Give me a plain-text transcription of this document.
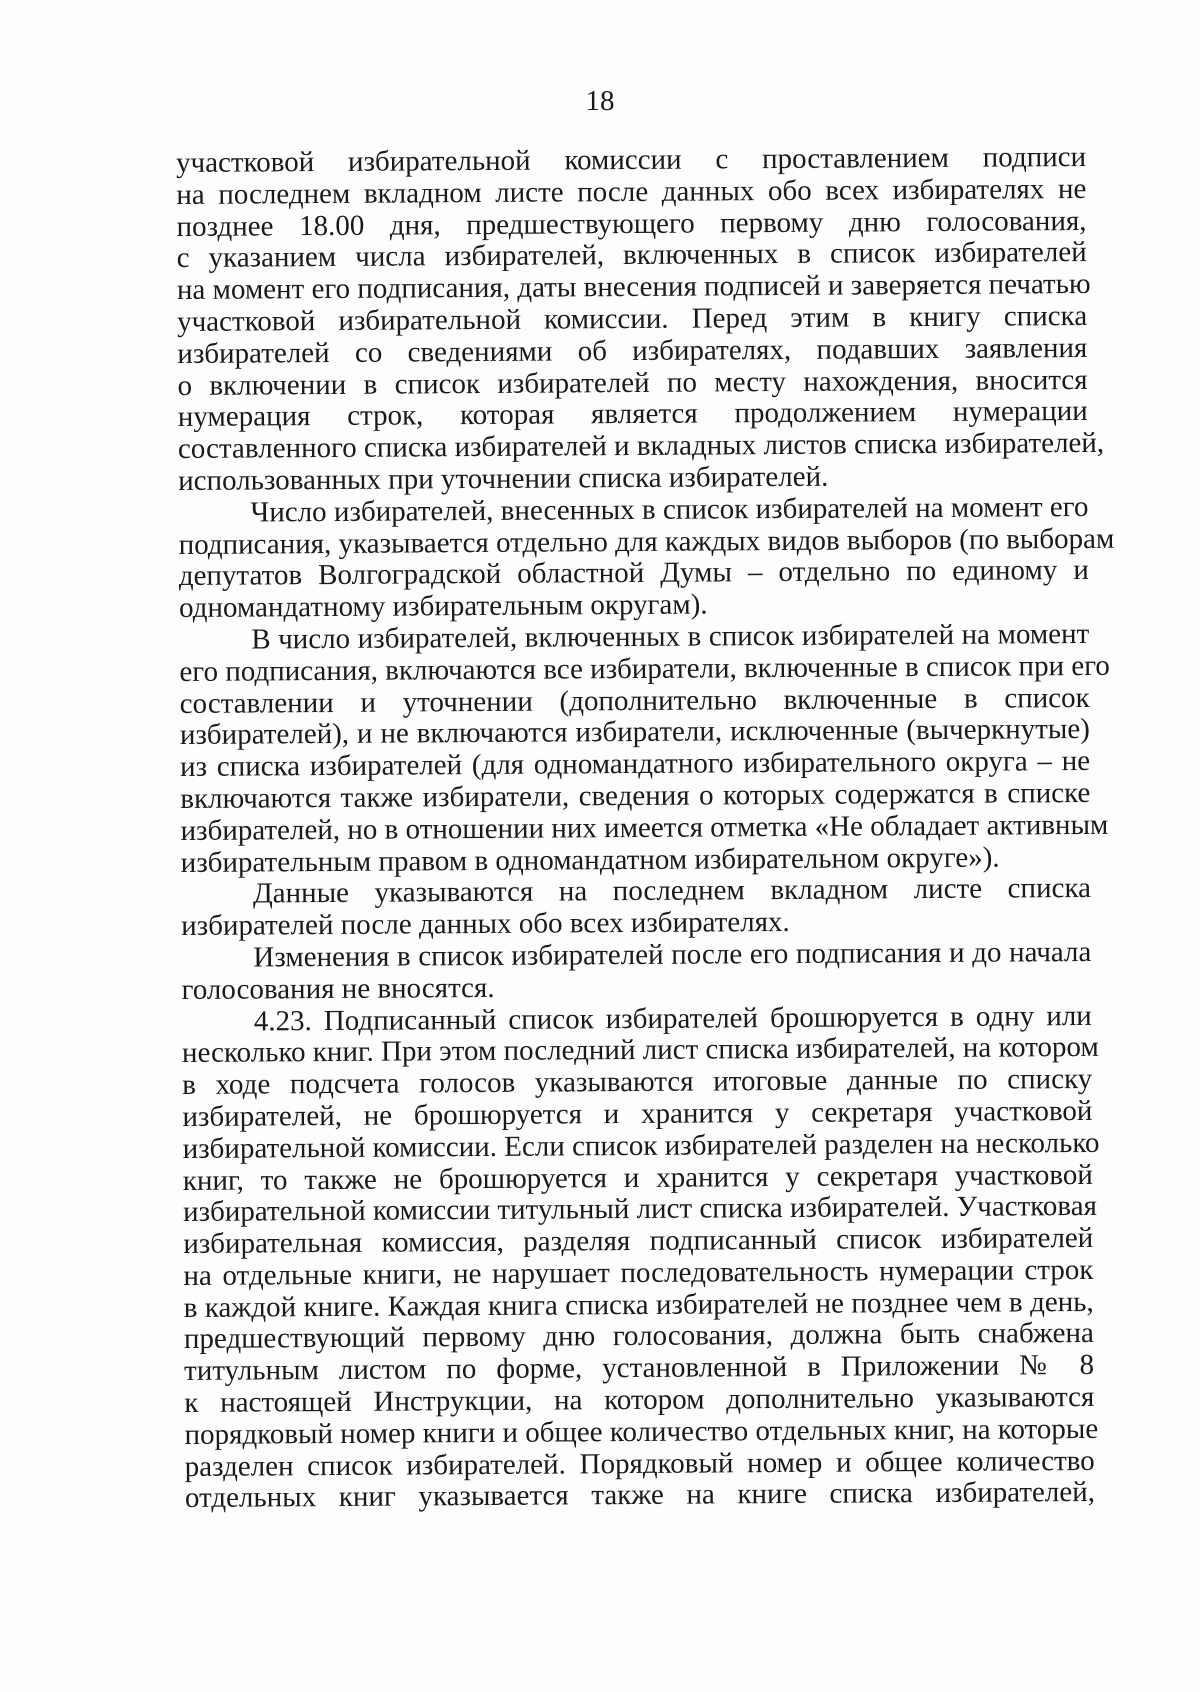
18
участковой избирательной комиссии с проставлением подписи
на последнем вкладном листе после данных обо всех избирателях не
позднее 18.00 дня, предшествующего первому дню голосования,
с указанием числа избирателей, включенных в список избирателей
на момент его подписания, даты внесения подписей и заверяется печатью
участковой избирательной комиссии. Перед этим в книгу списка
избирателей со сведениями об избирателях, подавших заявления
о включении в список избирателей по месту нахождения, вносится
нумерация строк, которая является продолжением нумерации
составленного списка избирателей и вкладных листов списка избирателей,
использованных при уточнении списка избирателей.
Число избирателей, внесенных в список избирателей на момент его
подписания, указывается отдельно для каждых видов выборов (по выборам
депутатов Волгоградской областной Думы – отдельно по единому и
одномандатному избирательным округам).
В число избирателей, включенных в список избирателей на момент
его подписания, включаются все избиратели, включенные в список при его
составлении и уточнении (дополнительно включенные в список
избирателей), и не включаются избиратели, исключенные (вычеркнутые)
из списка избирателей (для одномандатного избирательного округа – не
включаются также избиратели, сведения о которых содержатся в списке
избирателей, но в отношении них имеется отметка «Не обладает активным
избирательным правом в одномандатном избирательном округе»).
Данные указываются на последнем вкладном листе списка
избирателей после данных обо всех избирателях.
Изменения в список избирателей после его подписания и до начала
голосования не вносятся.
4.23. Подписанный список избирателей брошюруется в одну или
несколько книг. При этом последний лист списка избирателей, на котором
в ходе подсчета голосов указываются итоговые данные по списку
избирателей, не брошюруется и хранится у секретаря участковой
избирательной комиссии. Если список избирателей разделен на несколько
книг, то также не брошюруется и хранится у секретаря участковой
избирательной комиссии титульный лист списка избирателей. Участковая
избирательная комиссия, разделяя подписанный список избирателей
на отдельные книги, не нарушает последовательность нумерации строк
в каждой книге. Каждая книга списка избирателей не позднее чем в день,
предшествующий первому дню голосования, должна быть снабжена
титульным листом по форме, установленной в Приложении № 8
к настоящей Инструкции, на котором дополнительно указываются
порядковый номер книги и общее количество отдельных книг, на которые
разделен список избирателей. Порядковый номер и общее количество
отдельных книг указывается также на книге списка избирателей,
